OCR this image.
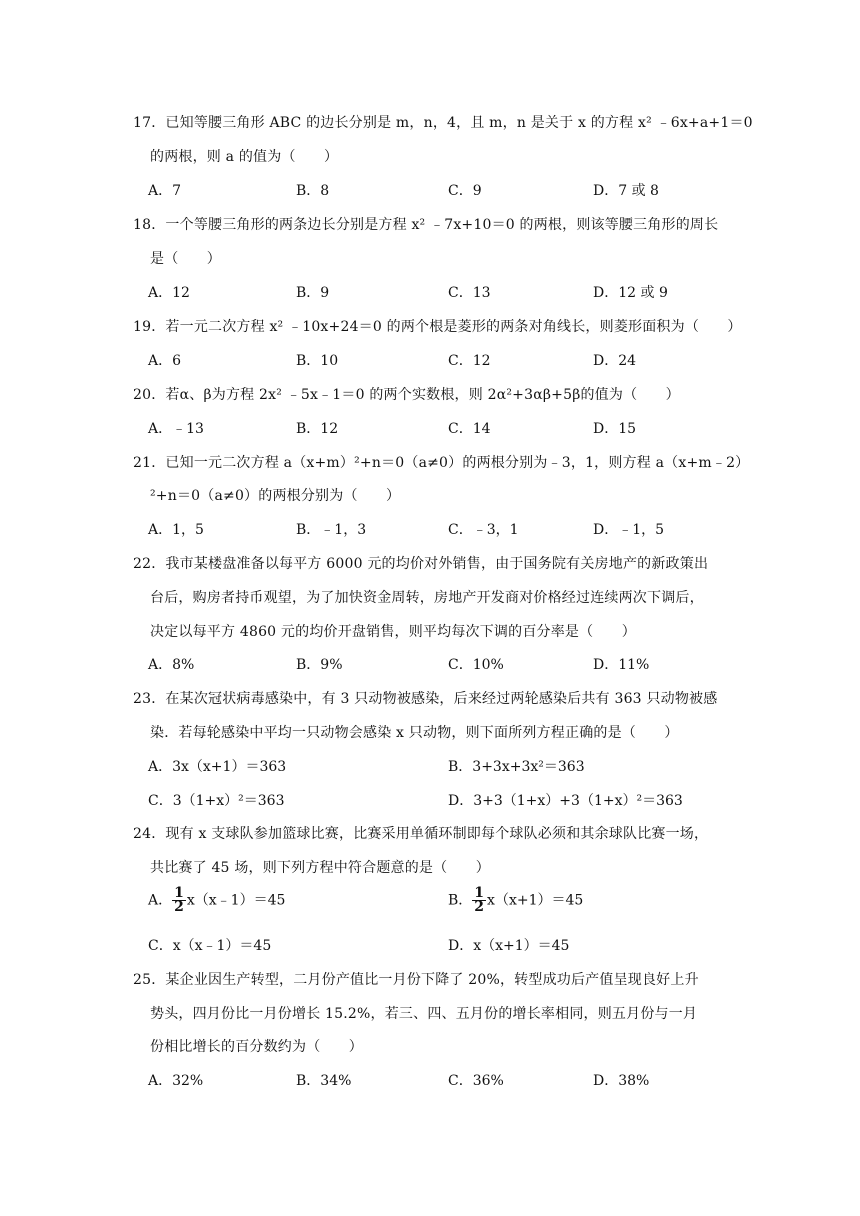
17．已知等腰三角形 ABC 的边长分别是 m，n，4，且 m，n 是关于 x 的方程 x² ﹣6x+a+1＝0
的两根，则 a 的值为（　　）
A．7	B．8	C．9	D．7 或 8
18．一个等腰三角形的两条边长分别是方程 x² ﹣7x+10＝0 的两根，则该等腰三角形的周长
是（　　）
A．12	B．9	C．13	D．12 或 9
19．若一元二次方程 x² ﹣10x+24＝0 的两个根是菱形的两条对角线长，则菱形面积为（　　）
A．6	B．10	C．12	D．24
20．若α、β为方程 2x² ﹣5x﹣1＝0 的两个实数根，则 2α²+3αβ+5β的值为（　　）
A．﹣13	B．12	C．14	D．15
21．已知一元二次方程 a（x+m）²+n＝0（a≠0）的两根分别为﹣3，1，则方程 a（x+m﹣2）
²+n＝0（a≠0）的两根分别为（　　）
A．1，5	B．﹣1，3	C．﹣3，1	D．﹣1，5
22．我市某楼盘准备以每平方 6000 元的均价对外销售，由于国务院有关房地产的新政策出
台后，购房者持币观望，为了加快资金周转，房地产开发商对价格经过连续两次下调后，
决定以每平方 4860 元的均价开盘销售，则平均每次下调的百分率是（　　）
A．8%	B．9%	C．10%	D．11%
23．在某次冠状病毒感染中，有 3 只动物被感染，后来经过两轮感染后共有 363 只动物被感
染．若每轮感染中平均一只动物会感染 x 只动物，则下面所列方程正确的是（　　）
A．3x（x+1）＝363	B．3+3x+3x²＝363
C．3（1+x）²＝363	D．3+3（1+x）+3（1+x）²＝363
24．现有 x 支球队参加篮球比赛，比赛采用单循环制即每个球队必须和其余球队比赛一场，
共比赛了 45 场，则下列方程中符合题意的是（　　）
A． $\frac{1}{2}$ x（x﹣1）＝45	B． $\frac{1}{2} x(x+1)=45$
C．x（x﹣1）＝45	D．x（x+1）＝45
25．某企业因生产转型，二月份产值比一月份下降了 20%，转型成功后产值呈现良好上升
势头，四月份比一月份增长 15.2%，若三、四、五月份的增长率相同，则五月份与一月
份相比增长的百分数约为（　　）
A．32%	B．34%	C．36%	D．38%
